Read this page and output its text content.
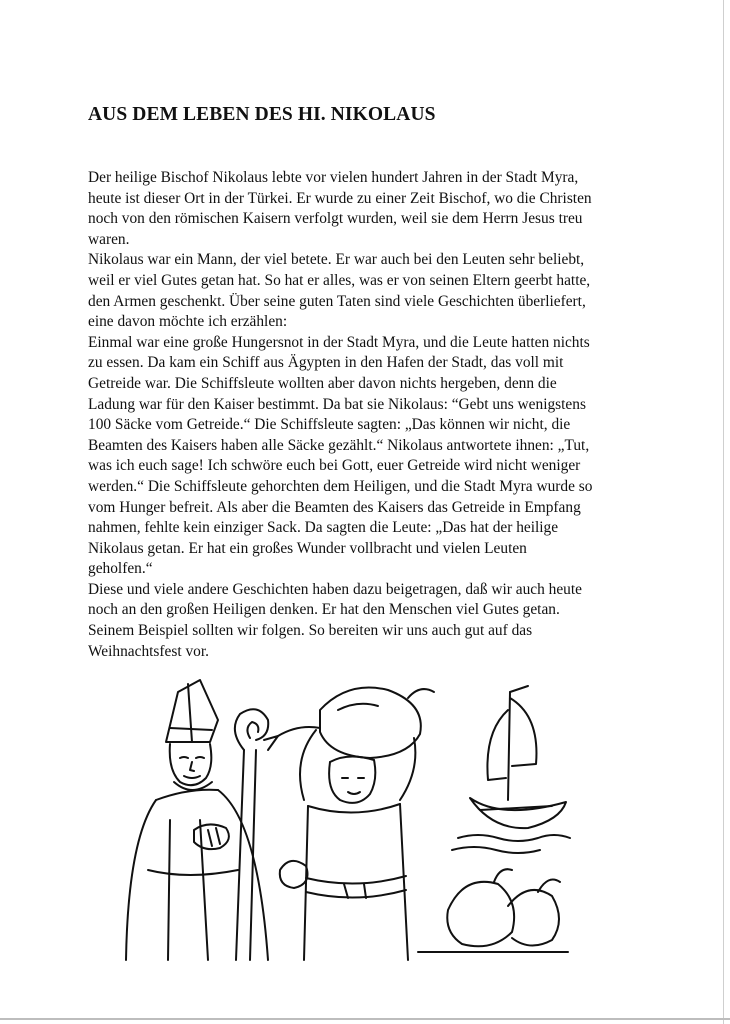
AUS DEM LEBEN DES HI. NIKOLAUS
Der heilige Bischof Nikolaus lebte vor vielen hundert Jahren in der Stadt Myra,
heute ist dieser Ort in der Türkei. Er wurde zu einer Zeit Bischof, wo die Christen
noch von den römischen Kaisern verfolgt wurden, weil sie dem Herrn Jesus treu
waren.
Nikolaus war ein Mann, der viel betete. Er war auch bei den Leuten sehr beliebt,
weil er viel Gutes getan hat. So hat er alles, was er von seinen Eltern geerbt hatte,
den Armen geschenkt. Über seine guten Taten sind viele Geschichten überliefert,
eine davon möchte ich erzählen:
Einmal war eine große Hungersnot in der Stadt Myra, und die Leute hatten nichts
zu essen. Da kam ein Schiff aus Ägypten in den Hafen der Stadt, das voll mit
Getreide war. Die Schiffsleute wollten aber davon nichts hergeben, denn die
Ladung war für den Kaiser bestimmt. Da bat sie Nikolaus: “Gebt uns wenigstens
100 Säcke vom Getreide.“ Die Schiffsleute sagten: „Das können wir nicht, die
Beamten des Kaisers haben alle Säcke gezählt.“ Nikolaus antwortete ihnen: „Tut,
was ich euch sage! Ich schwöre euch bei Gott, euer Getreide wird nicht weniger
werden.“ Die Schiffsleute gehorchten dem Heiligen, und die Stadt Myra wurde so
vom Hunger befreit. Als aber die Beamten des Kaisers das Getreide in Empfang
nahmen, fehlte kein einziger Sack. Da sagten die Leute: „Das hat der heilige
Nikolaus getan. Er hat ein großes Wunder vollbracht und vielen Leuten
geholfen.“
Diese und viele andere Geschichten haben dazu beigetragen, daß wir auch heute
noch an den großen Heiligen denken. Er hat den Menschen viel Gutes getan.
Seinem Beispiel sollten wir folgen. So bereiten wir uns auch gut auf das
Weihnachtsfest vor.
